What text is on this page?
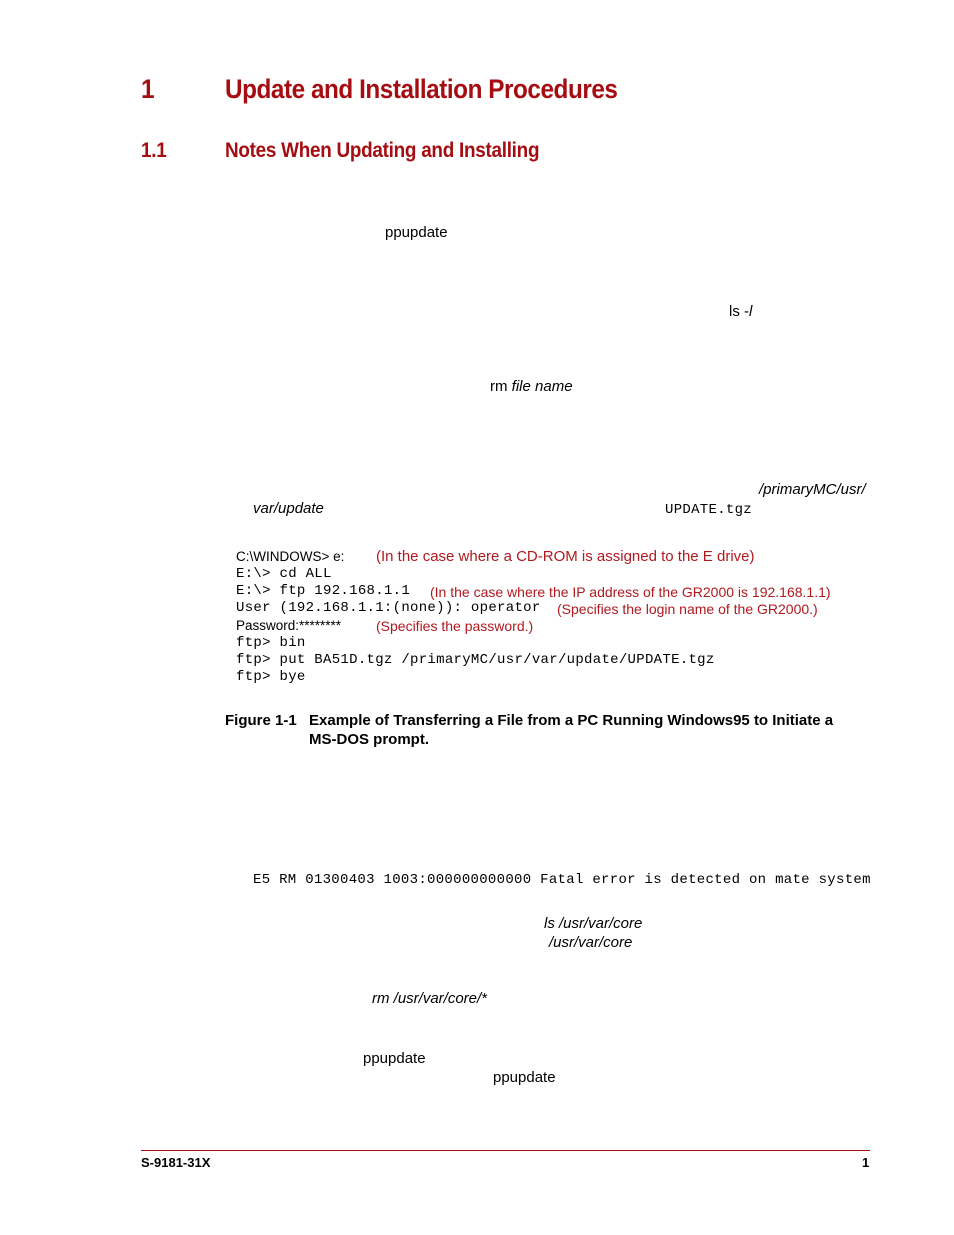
1	Update and Installation Procedures
1.1	Notes When Updating and Installing
ppupdate
ls -l
rm file name
/primaryMC/usr/
var/update	UPDATE.tgz
C:\WINDOWS> e: (In the case where a CD-ROM is assigned to the E drive)
E:\> cd ALL
E:\> ftp 192.168.1.1 (In the case where the IP address of the GR2000 is 192.168.1.1)
User (192.168.1.1:(none)): operator (Specifies the login name of the GR2000.)
Password:******** (Specifies the password.)
ftp> bin
ftp> put BA51D.tgz /primaryMC/usr/var/update/UPDATE.tgz
ftp> bye
Figure 1-1 Example of Transferring a File from a PC Running Windows95 to Initiate a
MS-DOS prompt.
E5 RM 01300403 1003:000000000000 Fatal error is detected on mate system
ls /usr/var/core
/usr/var/core
rm /usr/var/core/*
ppupdate
ppupdate
S-9181-31X	1
